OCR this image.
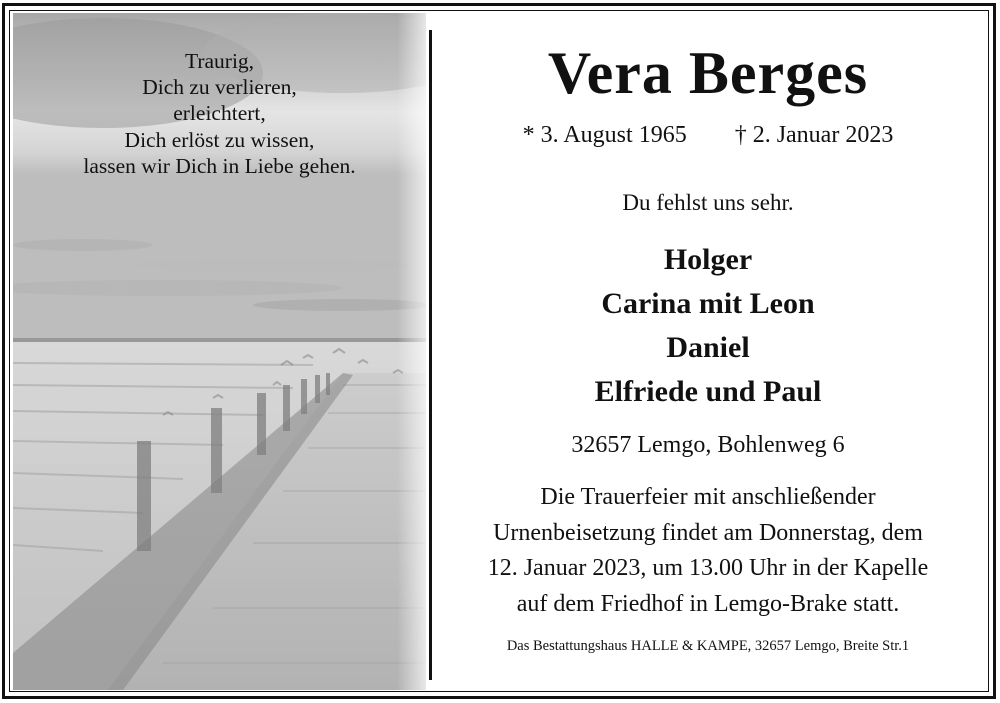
Traurig,
Dich zu verlieren,
erleichtert,
Dich erlöst zu wissen,
lassen wir Dich in Liebe gehen.
Vera Berges
* 3. August 1965 † 2. Januar 2023
Du fehlst uns sehr.
Holger
Carina mit Leon
Daniel
Elfriede und Paul
32657 Lemgo, Bohlenweg 6
Die Trauerfeier mit anschließender
Urnenbeisetzung findet am Donnerstag, dem
12. Januar 2023, um 13.00 Uhr in der Kapelle
auf dem Friedhof in Lemgo-Brake statt.
Das Bestattungshaus HALLE & KAMPE, 32657 Lemgo, Breite Str.1
